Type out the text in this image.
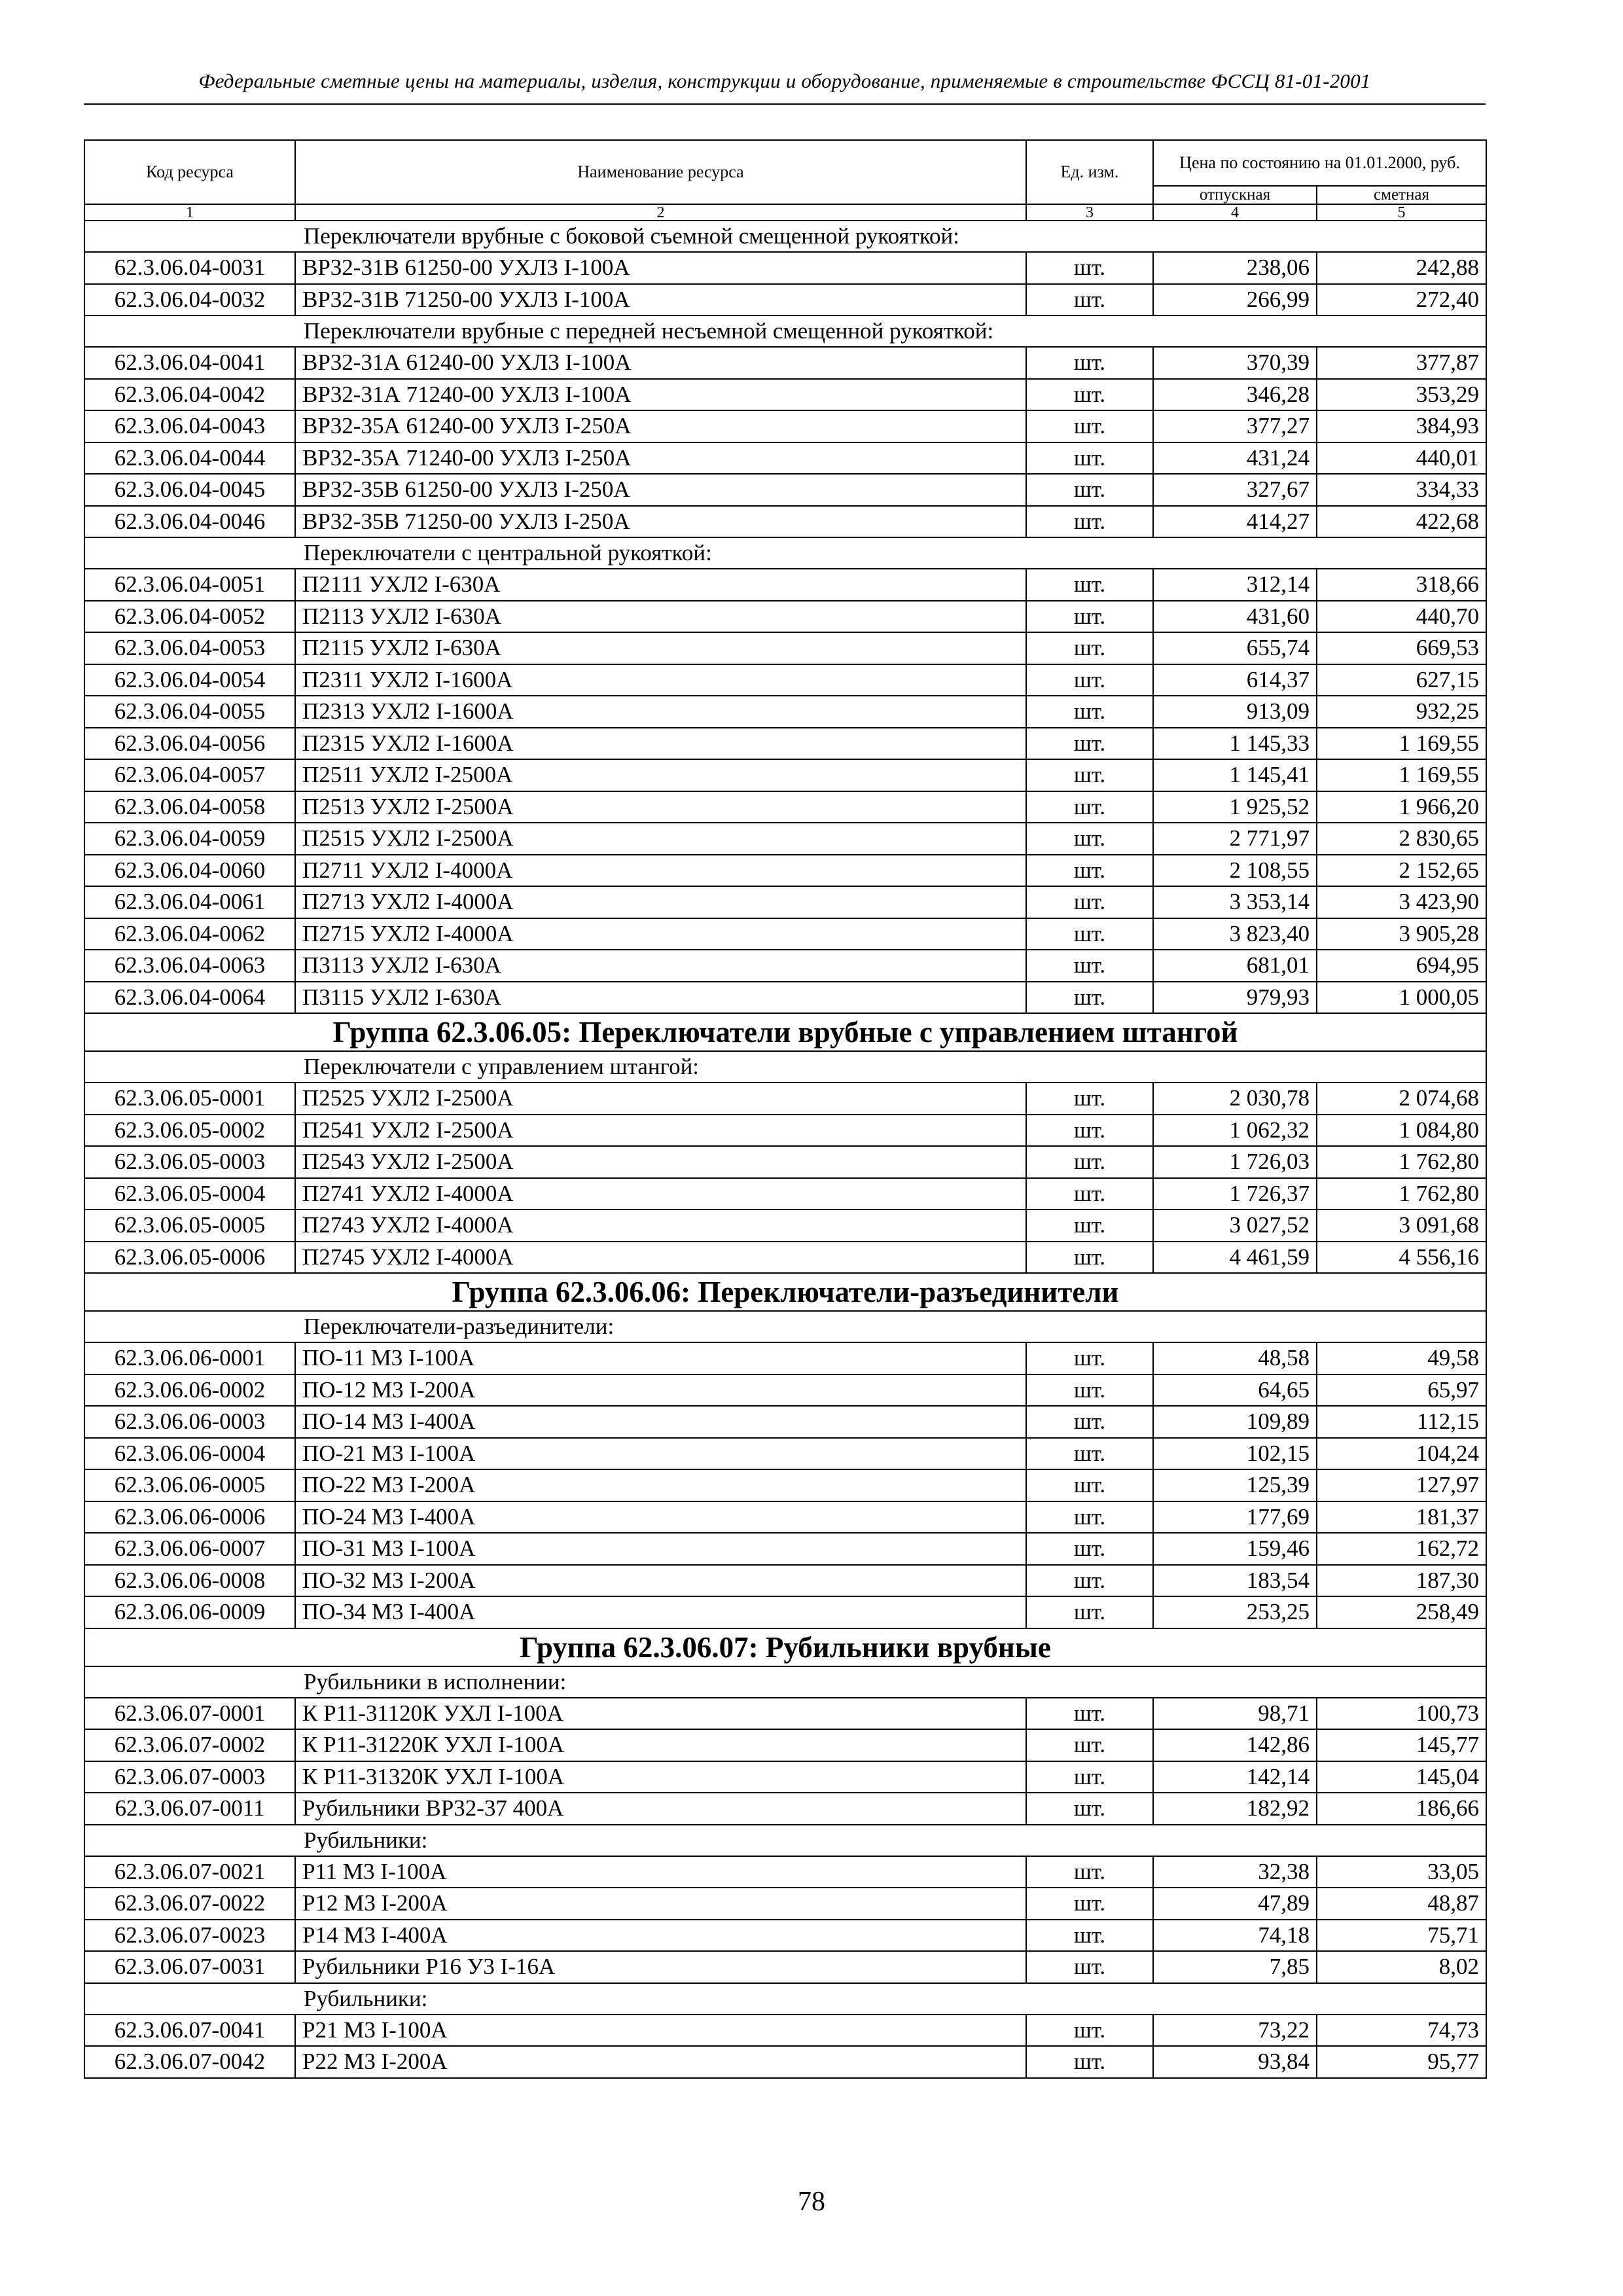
Федеральные сметные цены на материалы, изделия, конструкции и оборудование, применяемые в строительстве ФССЦ 81-01-2001
Код ресурса	Наименование ресурса	Ед. изм.	Цена по состоянию на 01.01.2000, руб.	
			отпускная	сметная
1	2	3	4	5
Переключатели врубные с боковой съемной смещенной рукояткой:				
62.3.06.04-0031	ВР32-31В 61250-00 УХЛ3 I-100А	шт.	238,06	242,88
62.3.06.04-0032	ВР32-31В 71250-00 УХЛ3 I-100А	шт.	266,99	272,40
Переключатели врубные с передней несъемной смещенной рукояткой:				
62.3.06.04-0041	ВР32-31А 61240-00 УХЛ3 I-100А	шт.	370,39	377,87
62.3.06.04-0042	ВР32-31А 71240-00 УХЛ3 I-100А	шт.	346,28	353,29
62.3.06.04-0043	ВР32-35А 61240-00 УХЛ3 I-250А	шт.	377,27	384,93
62.3.06.04-0044	ВР32-35А 71240-00 УХЛ3 I-250А	шт.	431,24	440,01
62.3.06.04-0045	ВР32-35В 61250-00 УХЛ3 I-250А	шт.	327,67	334,33
62.3.06.04-0046	ВР32-35В 71250-00 УХЛ3 I-250А	шт.	414,27	422,68
Переключатели с центральной рукояткой:				
62.3.06.04-0051	П2111 УХЛ2 I-630А	шт.	312,14	318,66
62.3.06.04-0052	П2113 УХЛ2 I-630А	шт.	431,60	440,70
62.3.06.04-0053	П2115 УХЛ2 I-630А	шт.	655,74	669,53
62.3.06.04-0054	П2311 УХЛ2 I-1600А	шт.	614,37	627,15
62.3.06.04-0055	П2313 УХЛ2 I-1600А	шт.	913,09	932,25
62.3.06.04-0056	П2315 УХЛ2 I-1600А	шт.	1 145,33	1 169,55
62.3.06.04-0057	П2511 УХЛ2 I-2500А	шт.	1 145,41	1 169,55
62.3.06.04-0058	П2513 УХЛ2 I-2500А	шт.	1 925,52	1 966,20
62.3.06.04-0059	П2515 УХЛ2 I-2500А	шт.	2 771,97	2 830,65
62.3.06.04-0060	П2711 УХЛ2 I-4000А	шт.	2 108,55	2 152,65
62.3.06.04-0061	П2713 УХЛ2 I-4000А	шт.	3 353,14	3 423,90
62.3.06.04-0062	П2715 УХЛ2 I-4000А	шт.	3 823,40	3 905,28
62.3.06.04-0063	П3113 УХЛ2 I-630А	шт.	681,01	694,95
62.3.06.04-0064	П3115 УХЛ2 I-630А	шт.	979,93	1 000,05
Группа 62.3.06.05: Переключатели врубные с управлением штангой				
Переключатели с управлением штангой:				
62.3.06.05-0001	П2525 УХЛ2 I-2500А	шт.	2 030,78	2 074,68
62.3.06.05-0002	П2541 УХЛ2 I-2500А	шт.	1 062,32	1 084,80
62.3.06.05-0003	П2543 УХЛ2 I-2500А	шт.	1 726,03	1 762,80
62.3.06.05-0004	П2741 УХЛ2 I-4000А	шт.	1 726,37	1 762,80
62.3.06.05-0005	П2743 УХЛ2 I-4000А	шт.	3 027,52	3 091,68
62.3.06.05-0006	П2745 УХЛ2 I-4000А	шт.	4 461,59	4 556,16
Группа 62.3.06.06: Переключатели-разъединители				
Переключатели-разъединители:				
62.3.06.06-0001	ПО-11 М3 I-100А	шт.	48,58	49,58
62.3.06.06-0002	ПО-12 М3 I-200А	шт.	64,65	65,97
62.3.06.06-0003	ПО-14 М3 I-400А	шт.	109,89	112,15
62.3.06.06-0004	ПО-21 М3 I-100А	шт.	102,15	104,24
62.3.06.06-0005	ПО-22 М3 I-200А	шт.	125,39	127,97
62.3.06.06-0006	ПО-24 М3 I-400А	шт.	177,69	181,37
62.3.06.06-0007	ПО-31 М3 I-100А	шт.	159,46	162,72
62.3.06.06-0008	ПО-32 М3 I-200А	шт.	183,54	187,30
62.3.06.06-0009	ПО-34 М3 I-400А	шт.	253,25	258,49
Группа 62.3.06.07: Рубильники врубные				
Рубильники в исполнении:				
62.3.06.07-0001	К Р11-31120К УХЛ I-100А	шт.	98,71	100,73
62.3.06.07-0002	К Р11-31220К УХЛ I-100А	шт.	142,86	145,77
62.3.06.07-0003	К Р11-31320К УХЛ I-100А	шт.	142,14	145,04
62.3.06.07-0011	Рубильники ВР32-37 400А	шт.	182,92	186,66
Рубильники:				
62.3.06.07-0021	Р11 М3 I-100А	шт.	32,38	33,05
62.3.06.07-0022	Р12 М3 I-200А	шт.	47,89	48,87
62.3.06.07-0023	Р14 М3 I-400А	шт.	74,18	75,71
62.3.06.07-0031	Рубильники Р16 У3 I-16А	шт.	7,85	8,02
Рубильники:				
62.3.06.07-0041	Р21 М3 I-100А	шт.	73,22	74,73
62.3.06.07-0042	Р22 М3 I-200А	шт.	93,84	95,77
78
